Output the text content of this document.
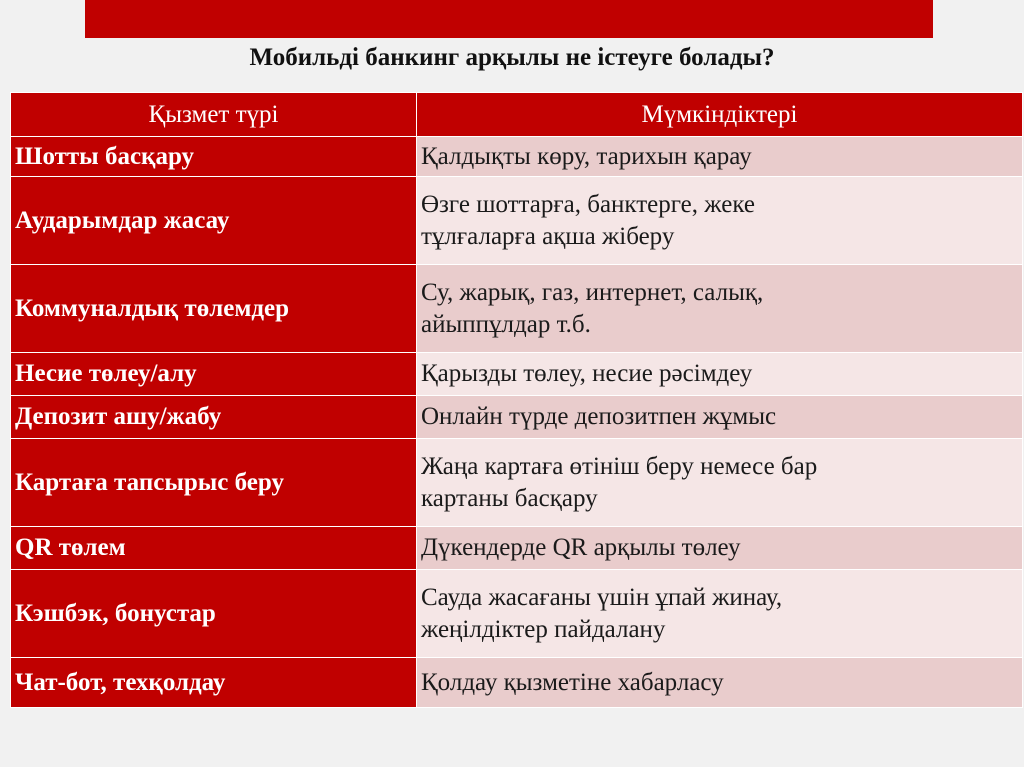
Мобильді банкинг арқылы не істеуге болады?
Қызмет түрі	Мүмкіндіктері
Шотты басқару	Қалдықты көру, тарихын қарау

Аударымдар жасау	Өзге шоттарға, банктерге, жеке
тұлғаларға ақша жіберу

Коммуналдық төлемдер	Су, жарық, газ, интернет, салық,
айыппұлдар т.б.

Несие төлеу/алу	Қарызды төлеу, несие рәсімдеу

Депозит ашу/жабу	Онлайн түрде депозитпен жұмыс

Картаға тапсырыс беру	Жаңа картаға өтініш беру немесе бар
картаны басқару

QR төлем	Дүкендерде QR арқылы төлеу

Кэшбэк, бонустар	Сауда жасағаны үшін ұпай жинау,
жеңілдіктер пайдалану

Чат-бот, техқолдау	Қолдау қызметіне хабарласу
